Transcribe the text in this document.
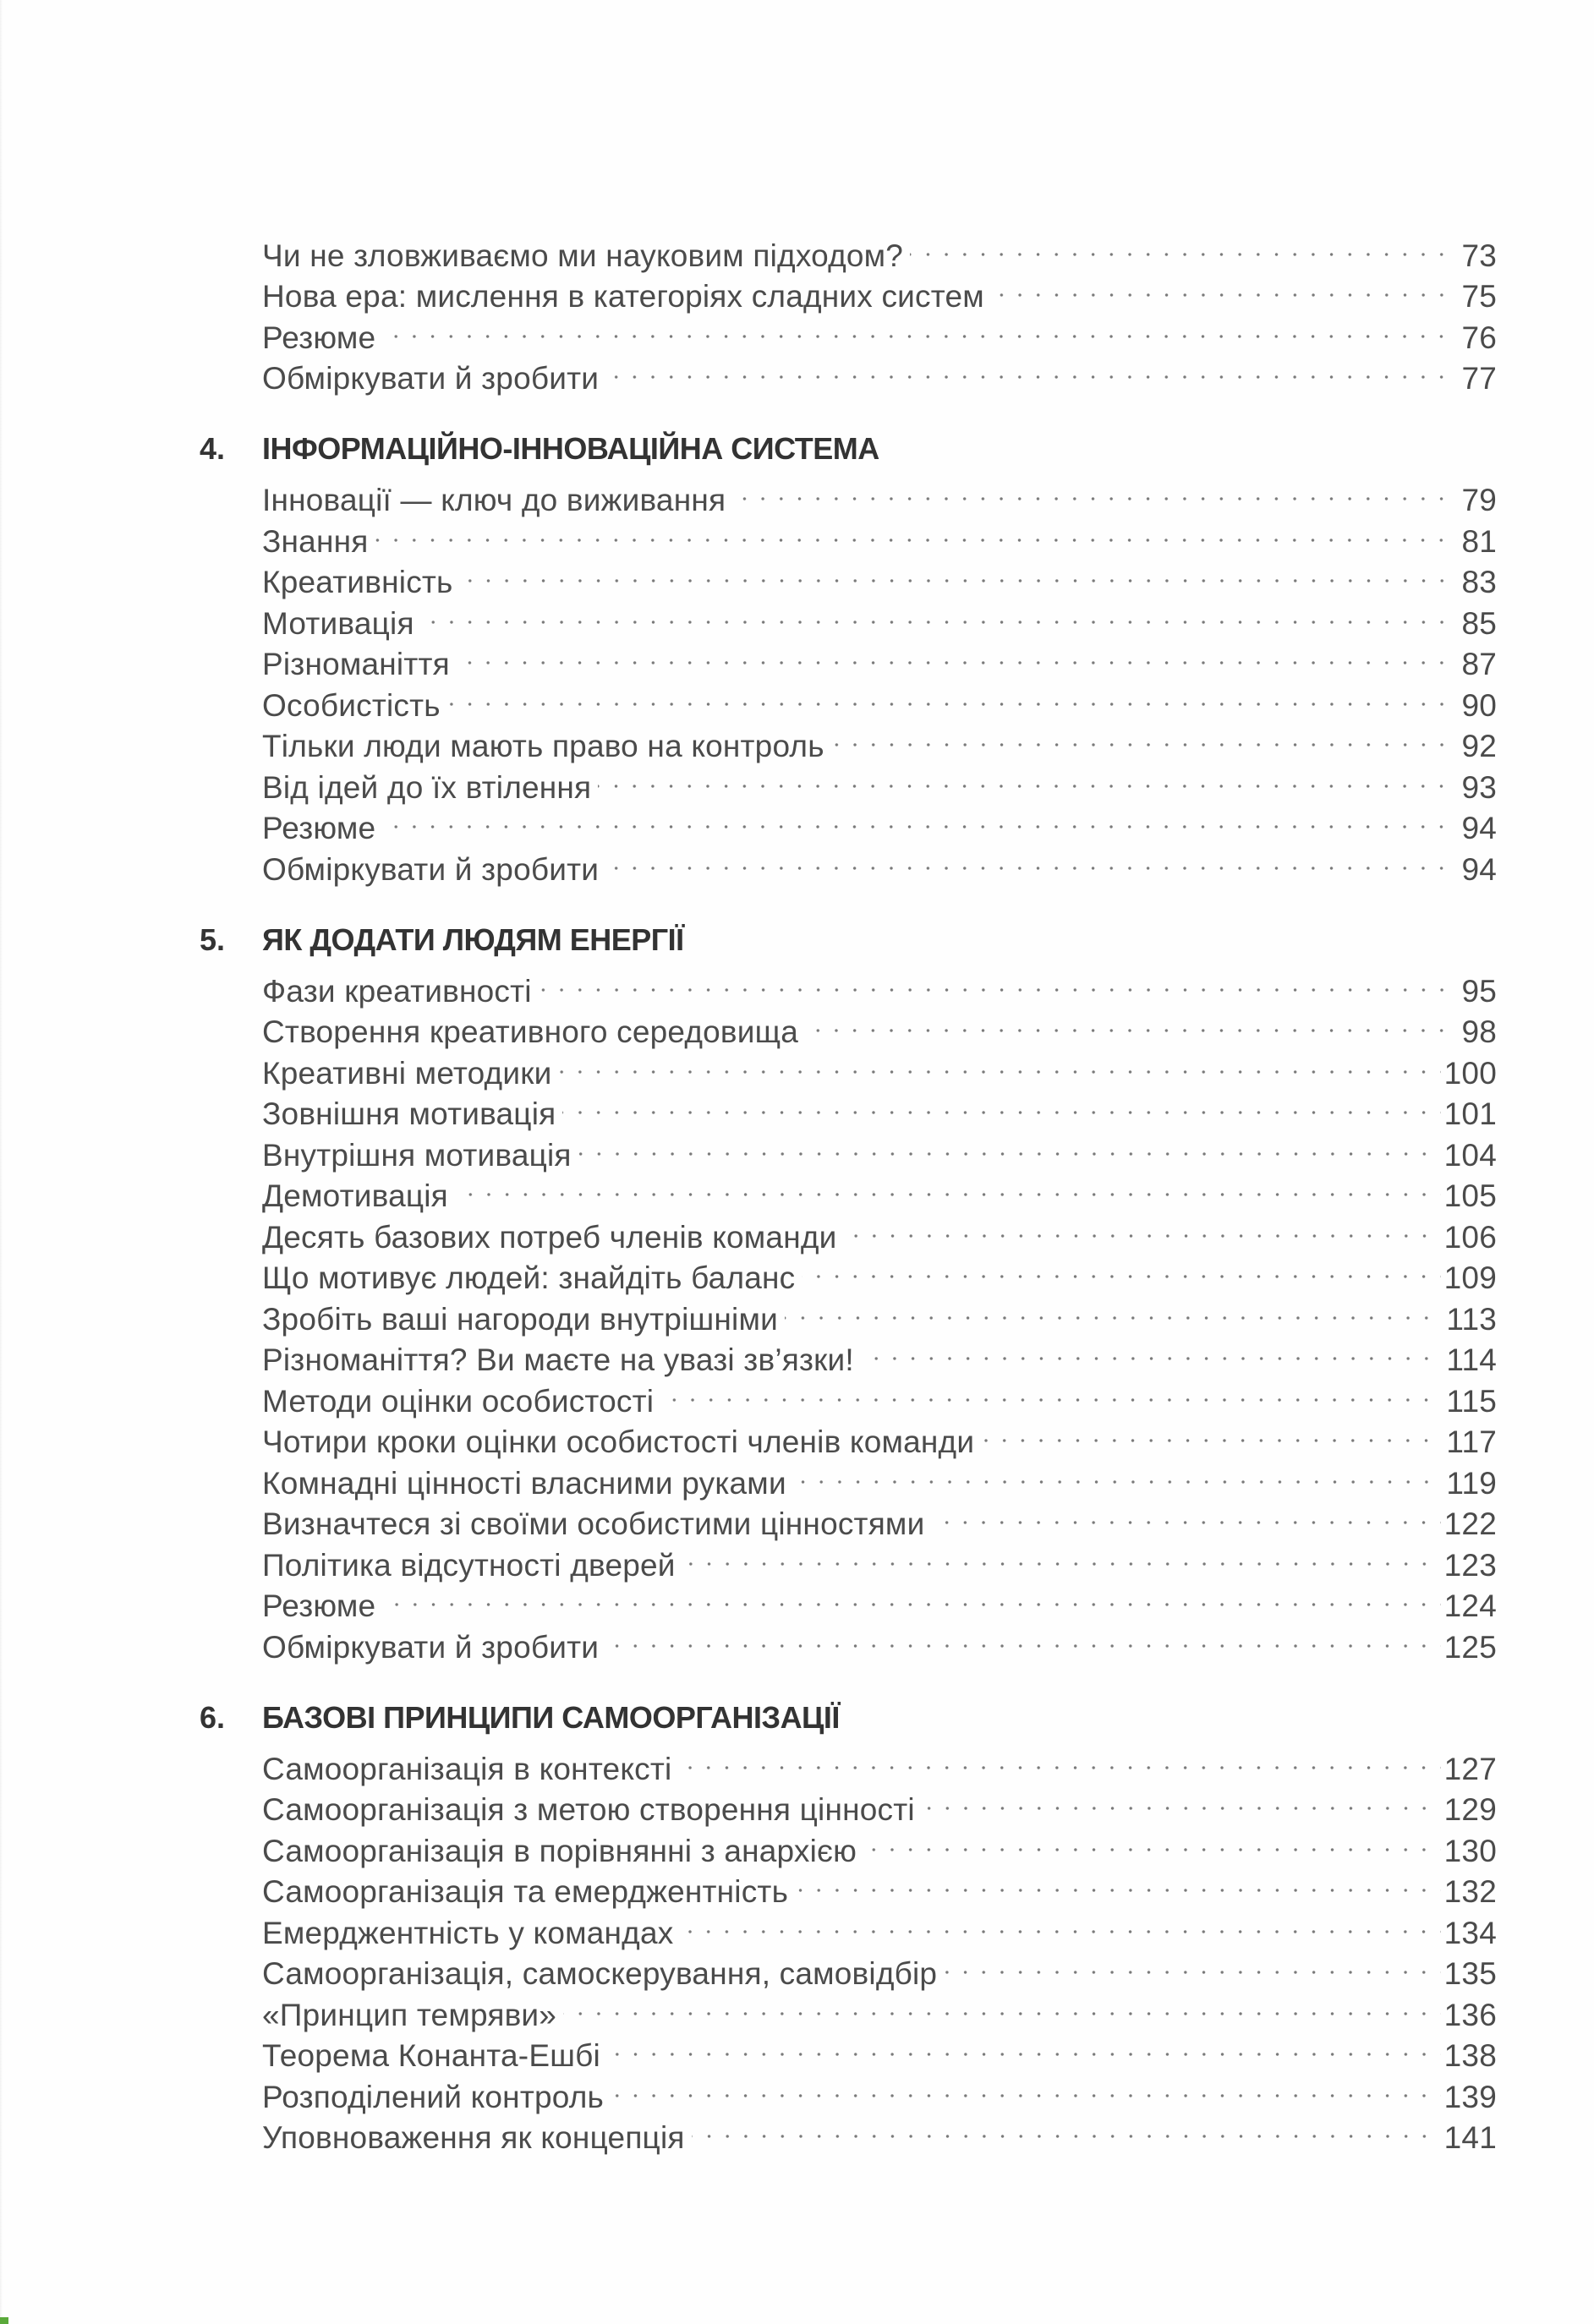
Чи не зловживаємо ми науковим підходом?	73
Нова ера: мислення в категоріях сладних систем	75
Резюме	76
Обміркувати й зробити	77
4.	ІНФОРМАЦІЙНО-ІННОВАЦІЙНА СИСТЕМА
Інновації — ключ до виживання	79
Знання	81
Креативність	83
Мотивація	85
Різноманіття	87
Особистість	90
Тільки люди мають право на контроль	92
Від ідей до їх втілення	93
Резюме	94
Обміркувати й зробити	94
5.	ЯК ДОДАТИ ЛЮДЯМ ЕНЕРГІЇ
Фази креативності	95
Створення креативного середовища	98
Креативні методики	100
Зовнішня мотивація	101
Внутрішня мотивація	104
Демотивація	105
Десять базових потреб членів команди	106
Що мотивує людей: знайдіть баланс	109
Зробіть ваші нагороди внутрішніми	113
Різноманіття? Ви маєте на увазі зв’язки!	114
Методи оцінки особистості	115
Чотири кроки оцінки особистості членів команди	117
Комнадні цінності власними руками	119
Визначтеся зі своїми особистими цінностями	122
Політика відсутності дверей	123
Резюме	124
Обміркувати й зробити	125
6.	БАЗОВІ ПРИНЦИПИ САМООРГАНІЗАЦІЇ
Самоорганізація в контексті	127
Самоорганізація з метою створення цінності	129
Самоорганізація в порівнянні з анархією	130
Самоорганізація та емерджентність	132
Емерджентність у командах	134
Самоорганізація, самоскерування, самовідбір	135
«Принцип темряви»	136
Теорема Конанта-Ешбі	138
Розподілений контроль	139
Уповноваження як концепція	141
